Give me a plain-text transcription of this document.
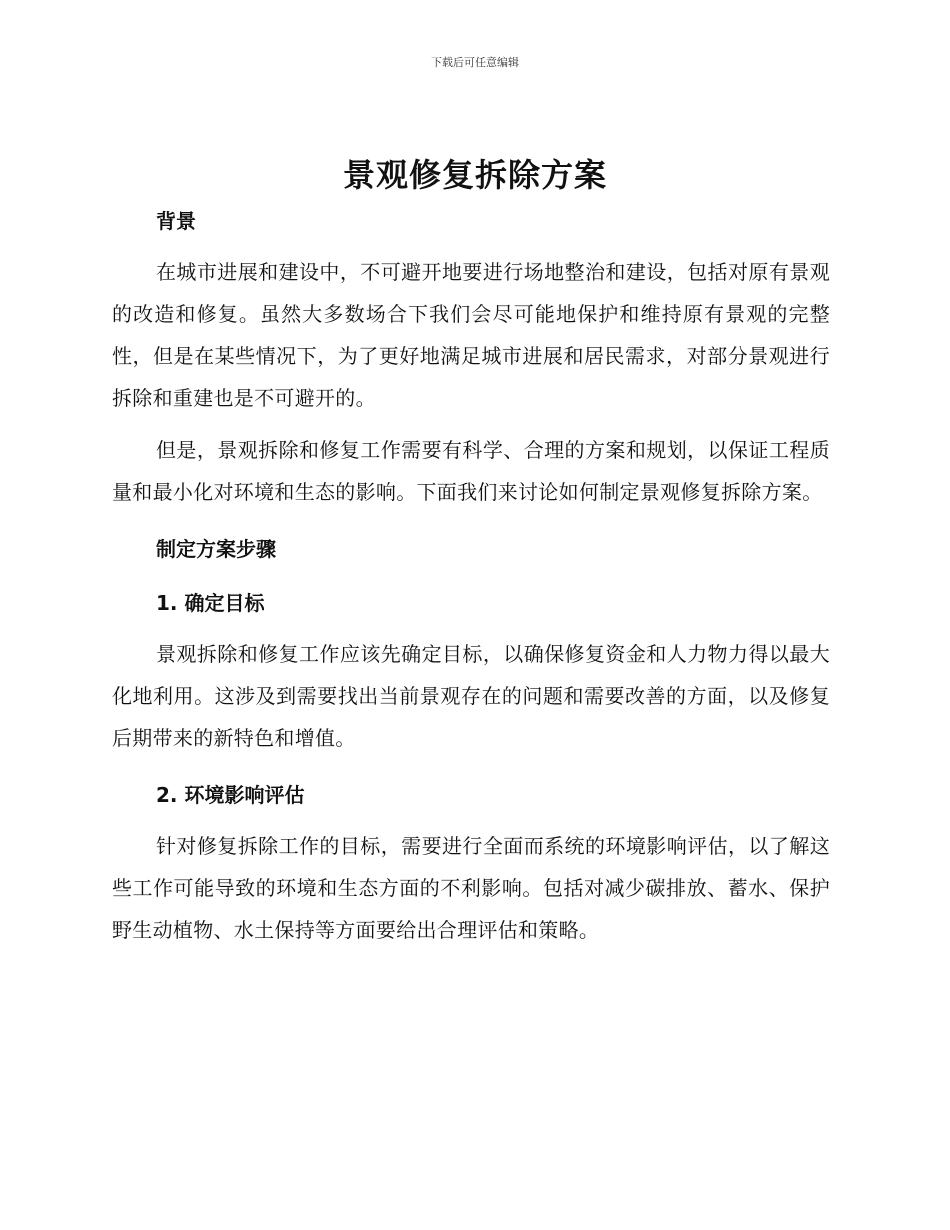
下载后可任意编辑
景观修复拆除方案
背景

在城市进展和建设中，不可避开地要进行场地整治和建设，包括对原有景观的改造和修复。虽然大多数场合下我们会尽可能地保护和维持原有景观的完整性，但是在某些情况下，为了更好地满足城市进展和居民需求，对部分景观进行拆除和重建也是不可避开的。

但是，景观拆除和修复工作需要有科学、合理的方案和规划，以保证工程质量和最小化对环境和生态的影响。下面我们来讨论如何制定景观修复拆除方案。

制定方案步骤
1. 确定目标

景观拆除和修复工作应该先确定目标，以确保修复资金和人力物力得以最大化地利用。这涉及到需要找出当前景观存在的问题和需要改善的方面，以及修复后期带来的新特色和增值。

2. 环境影响评估

针对修复拆除工作的目标，需要进行全面而系统的环境影响评估，以了解这些工作可能导致的环境和生态方面的不利影响。包括对减少碳排放、蓄水、保护野生动植物、水土保持等方面要给出合理评估和策略。
